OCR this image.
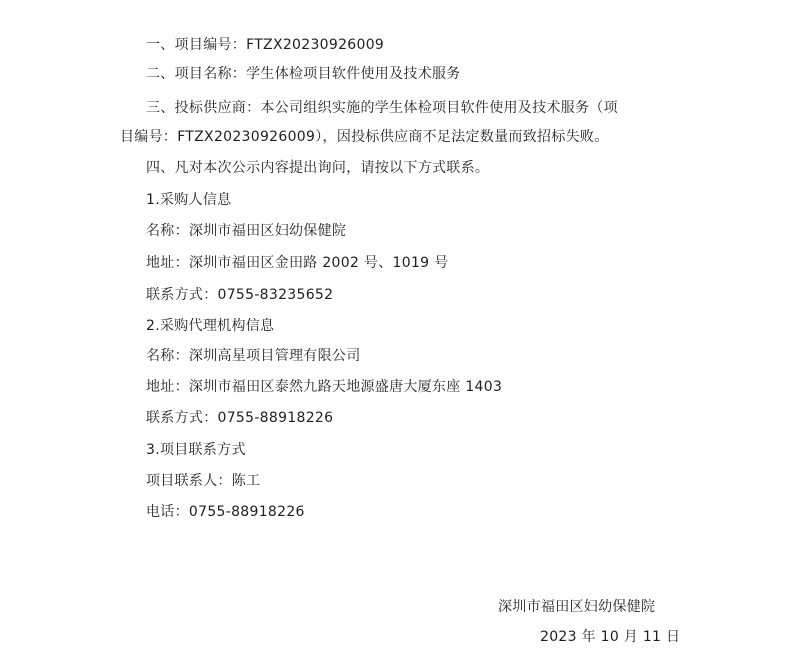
一、项目编号：FTZX20230926009
二、项目名称：学生体检项目软件使用及技术服务
三、投标供应商：本公司组织实施的学生体检项目软件使用及技术服务（项
目编号：FTZX20230926009），因投标供应商不足法定数量而致招标失败。
四、凡对本次公示内容提出询问，请按以下方式联系。
1.采购人信息
名称：深圳市福田区妇幼保健院
地址：深圳市福田区金田路 2002 号、1019 号
联系方式：0755-83235652
2.采购代理机构信息
名称：深圳高星项目管理有限公司
地址：深圳市福田区泰然九路天地源盛唐大厦东座 1403
联系方式：0755-88918226
3.项目联系方式
项目联系人：陈工
电话：0755-88918226
深圳市福田区妇幼保健院
2023 年 10 月 11 日
